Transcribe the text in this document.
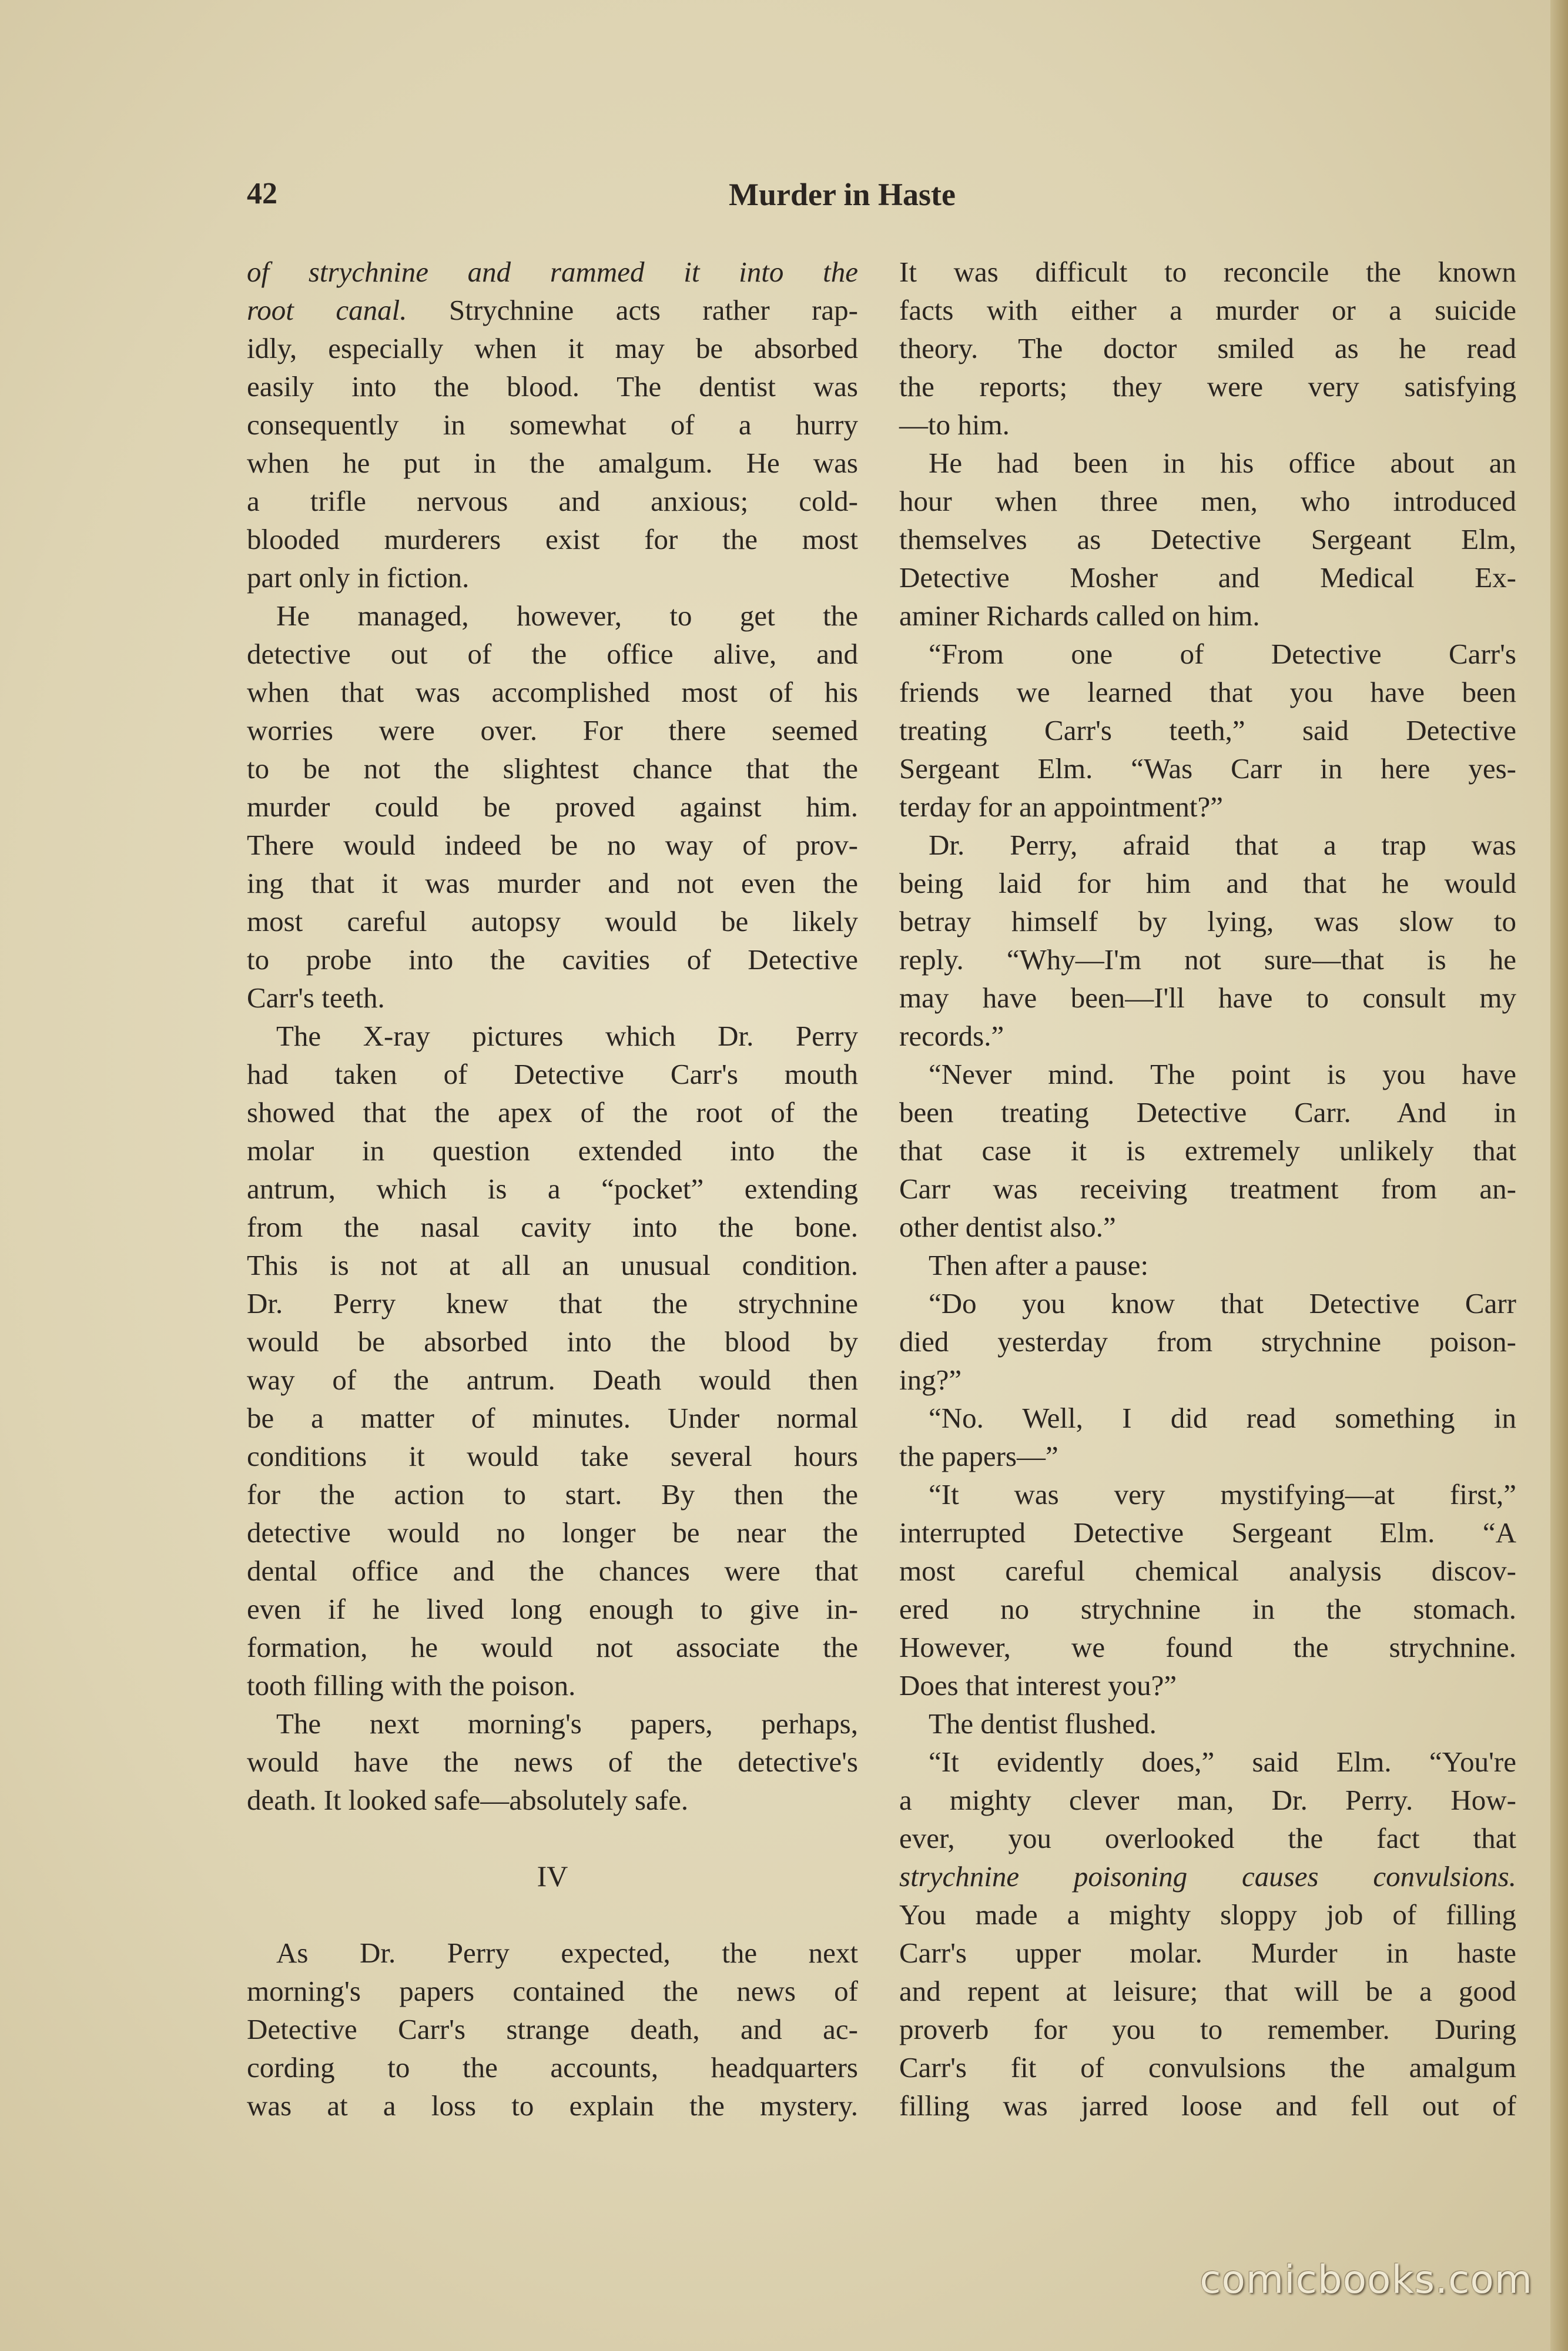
42	Murder in Haste
of strychnine and rammed it into the
root canal. Strychnine acts rather rap-
idly, especially when it may be absorbed
easily into the blood. The dentist was
consequently in somewhat of a hurry
when he put in the amalgum. He was
a trifle nervous and anxious; cold-
blooded murderers exist for the most
part only in fiction.
He managed, however, to get the
detective out of the office alive, and
when that was accomplished most of his
worries were over. For there seemed
to be not the slightest chance that the
murder could be proved against him.
There would indeed be no way of prov-
ing that it was murder and not even the
most careful autopsy would be likely
to probe into the cavities of Detective
Carr's teeth.
The X-ray pictures which Dr. Perry
had taken of Detective Carr's mouth
showed that the apex of the root of the
molar in question extended into the
antrum, which is a “pocket” extending
from the nasal cavity into the bone.
This is not at all an unusual condition.
Dr. Perry knew that the strychnine
would be absorbed into the blood by
way of the antrum. Death would then
be a matter of minutes. Under normal
conditions it would take several hours
for the action to start. By then the
detective would no longer be near the
dental office and the chances were that
even if he lived long enough to give in-
formation, he would not associate the
tooth filling with the poison.
The next morning's papers, perhaps,
would have the news of the detective's
death. It looked safe—absolutely safe.
IV
As Dr. Perry expected, the next
morning's papers contained the news of
Detective Carr's strange death, and ac-
cording to the accounts, headquarters
was at a loss to explain the mystery.
It was difficult to reconcile the known
facts with either a murder or a suicide
theory. The doctor smiled as he read
the reports; they were very satisfying
—to him.
He had been in his office about an
hour when three men, who introduced
themselves as Detective Sergeant Elm,
Detective Mosher and Medical Ex-
aminer Richards called on him.
“From one of Detective Carr's
friends we learned that you have been
treating Carr's teeth,” said Detective
Sergeant Elm. “Was Carr in here yes-
terday for an appointment?”
Dr. Perry, afraid that a trap was
being laid for him and that he would
betray himself by lying, was slow to
reply. “Why—I'm not sure—that is he
may have been—I'll have to consult my
records.”
“Never mind. The point is you have
been treating Detective Carr. And in
that case it is extremely unlikely that
Carr was receiving treatment from an-
other dentist also.”
Then after a pause:
“Do you know that Detective Carr
died yesterday from strychnine poison-
ing?”
“No. Well, I did read something in
the papers—”
“It was very mystifying—at first,”
interrupted Detective Sergeant Elm. “A
most careful chemical analysis discov-
ered no strychnine in the stomach.
However, we found the strychnine.
Does that interest you?”
The dentist flushed.
“It evidently does,” said Elm. “You're
a mighty clever man, Dr. Perry. How-
ever, you overlooked the fact that
strychnine poisoning causes convulsions.
You made a mighty sloppy job of filling
Carr's upper molar. Murder in haste
and repent at leisure; that will be a good
proverb for you to remember. During
Carr's fit of convulsions the amalgum
filling was jarred loose and fell out of
comicbooks.com
